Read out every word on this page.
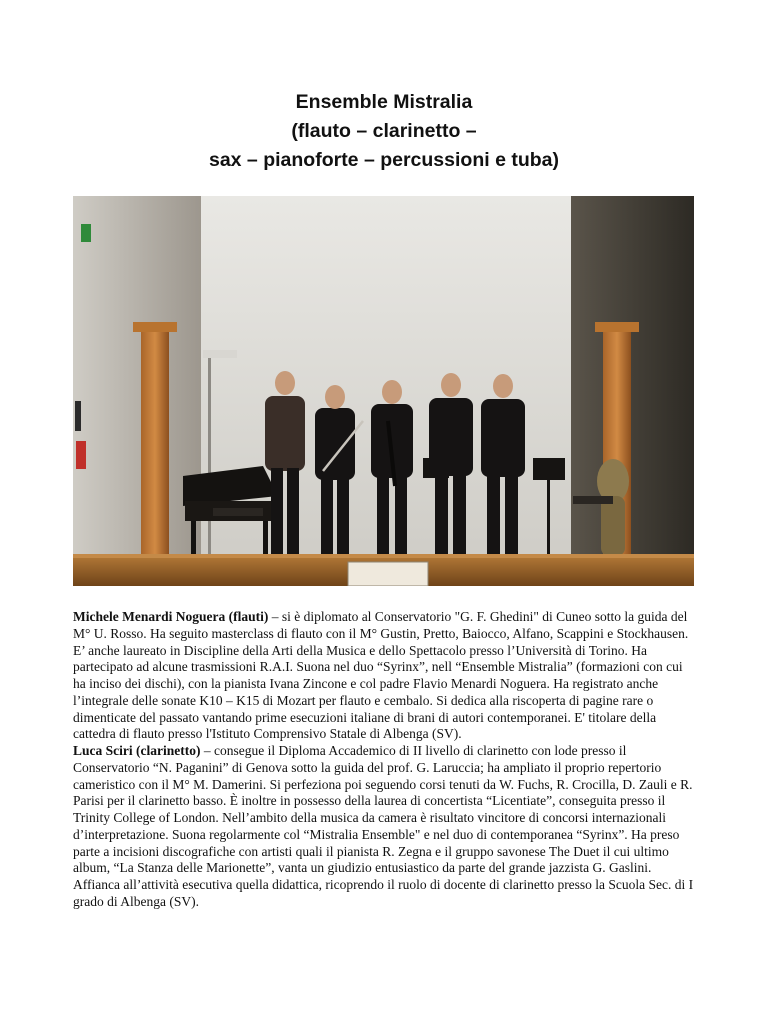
Ensemble Mistralia
(flauto – clarinetto –
sax – pianoforte – percussioni e tuba)

Michele Menardi Noguera (flauti) – si è diplomato al Conservatorio "G. F. Ghedini" di Cuneo sotto la guida del M° U. Rosso. Ha seguito masterclass di flauto con il M° Gustin, Pretto, Baiocco, Alfano, Scappini e Stockhausen. E’ anche laureato in Discipline della Arti della Musica e dello Spettacolo presso l’Università di Torino. Ha partecipato ad alcune trasmissioni R.A.I. Suona nel duo “Syrinx”, nell “Ensemble Mistralia” (formazioni con cui ha inciso dei dischi), con la pianista Ivana Zincone e col padre Flavio Menardi Noguera. Ha registrato anche l’integrale delle sonate K10 – K15 di Mozart per flauto e cembalo. Si dedica alla riscoperta di pagine rare o dimenticate del passato vantando prime esecuzioni italiane di brani di autori contemporanei. E' titolare della cattedra di flauto presso l'Istituto Comprensivo Statale di Albenga (SV).

Luca Sciri (clarinetto) – consegue il Diploma Accademico di II livello di clarinetto con lode presso il Conservatorio “N. Paganini” di Genova sotto la guida del prof. G. Laruccia; ha ampliato il proprio repertorio cameristico con il M° M. Damerini. Si perfeziona poi seguendo corsi tenuti da W. Fuchs, R. Crocilla, D. Zauli e R. Parisi per il clarinetto basso. È inoltre in possesso della laurea di concertista “Licentiate”, conseguita presso il Trinity College of London. Nell’ambito della musica da camera è risultato vincitore di concorsi internazionali d’interpretazione. Suona regolarmente col “Mistralia Ensemble" e nel duo di contemporanea “Syrinx”. Ha preso parte a incisioni discografiche con artisti quali il pianista R. Zegna e il gruppo savonese The Duet il cui ultimo album, “La Stanza delle Marionette”, vanta un giudizio entusiastico da parte del grande jazzista G. Gaslini. Affianca all’attività esecutiva quella didattica, ricoprendo il ruolo di docente di clarinetto presso la Scuola Sec. di I grado di Albenga (SV).
